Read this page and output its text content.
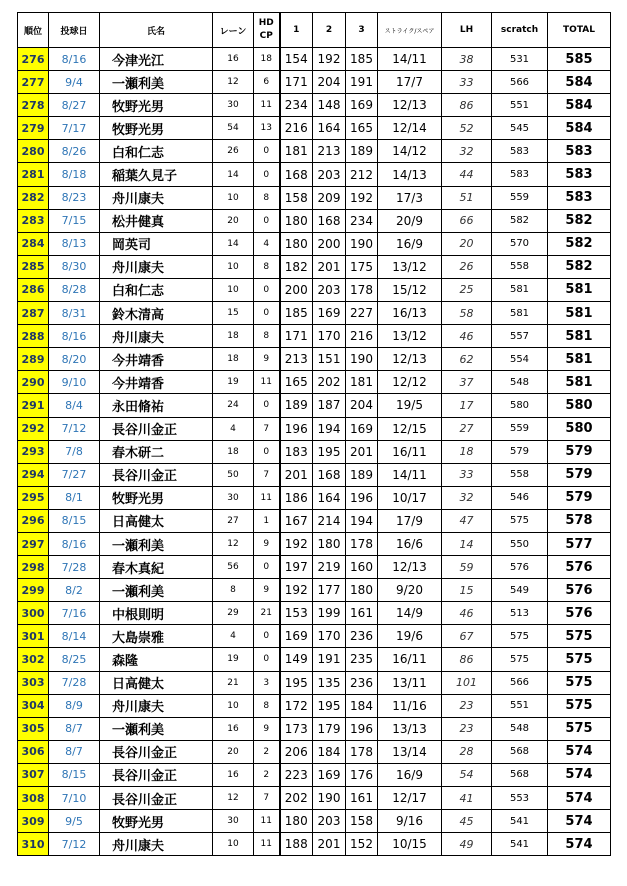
順位	投球日	氏名	レーン	HD CP	1	2	3	ストライク/スペア	LH	scratch	TOTAL
276	8/16	今津光江	16	18	154	192	185	14/11	38	531	585
277	9/4	一瀬利美	12	6	171	204	191	17/7	33	566	584
278	8/27	牧野光男	30	11	234	148	169	12/13	86	551	584
279	7/17	牧野光男	54	13	216	164	165	12/14	52	545	584
280	8/26	白和仁志	26	0	181	213	189	14/12	32	583	583
281	8/18	稲葉久見子	14	0	168	203	212	14/13	44	583	583
282	8/23	舟川康夫	10	8	158	209	192	17/3	51	559	583
283	7/15	松井健真	20	0	180	168	234	20/9	66	582	582
284	8/13	岡英司	14	4	180	200	190	16/9	20	570	582
285	8/30	舟川康夫	10	8	182	201	175	13/12	26	558	582
286	8/28	白和仁志	10	0	200	203	178	15/12	25	581	581
287	8/31	鈴木清高	15	0	185	169	227	16/13	58	581	581
288	8/16	舟川康夫	18	8	171	170	216	13/12	46	557	581
289	8/20	今井靖香	18	9	213	151	190	12/13	62	554	581
290	9/10	今井靖香	19	11	165	202	181	12/12	37	548	581
291	8/4	永田脩祐	24	0	189	187	204	19/5	17	580	580
292	7/12	長谷川金正	4	7	196	194	169	12/15	27	559	580
293	7/8	春木研二	18	0	183	195	201	16/11	18	579	579
294	7/27	長谷川金正	50	7	201	168	189	14/11	33	558	579
295	8/1	牧野光男	30	11	186	164	196	10/17	32	546	579
296	8/15	日高健太	27	1	167	214	194	17/9	47	575	578
297	8/16	一瀬利美	12	9	192	180	178	16/6	14	550	577
298	7/28	春木真紀	56	0	197	219	160	12/13	59	576	576
299	8/2	一瀬利美	8	9	192	177	180	9/20	15	549	576
300	7/16	中根則明	29	21	153	199	161	14/9	46	513	576
301	8/14	大島崇雅	4	0	169	170	236	19/6	67	575	575
302	8/25	森隆	19	0	149	191	235	16/11	86	575	575
303	7/28	日高健太	21	3	195	135	236	13/11	101	566	575
304	8/9	舟川康夫	10	8	172	195	184	11/16	23	551	575
305	8/7	一瀬利美	16	9	173	179	196	13/13	23	548	575
306	8/7	長谷川金正	20	2	206	184	178	13/14	28	568	574
307	8/15	長谷川金正	16	2	223	169	176	16/9	54	568	574
308	7/10	長谷川金正	12	7	202	190	161	12/17	41	553	574
309	9/5	牧野光男	30	11	180	203	158	9/16	45	541	574
310	7/12	舟川康夫	10	11	188	201	152	10/15	49	541	574
